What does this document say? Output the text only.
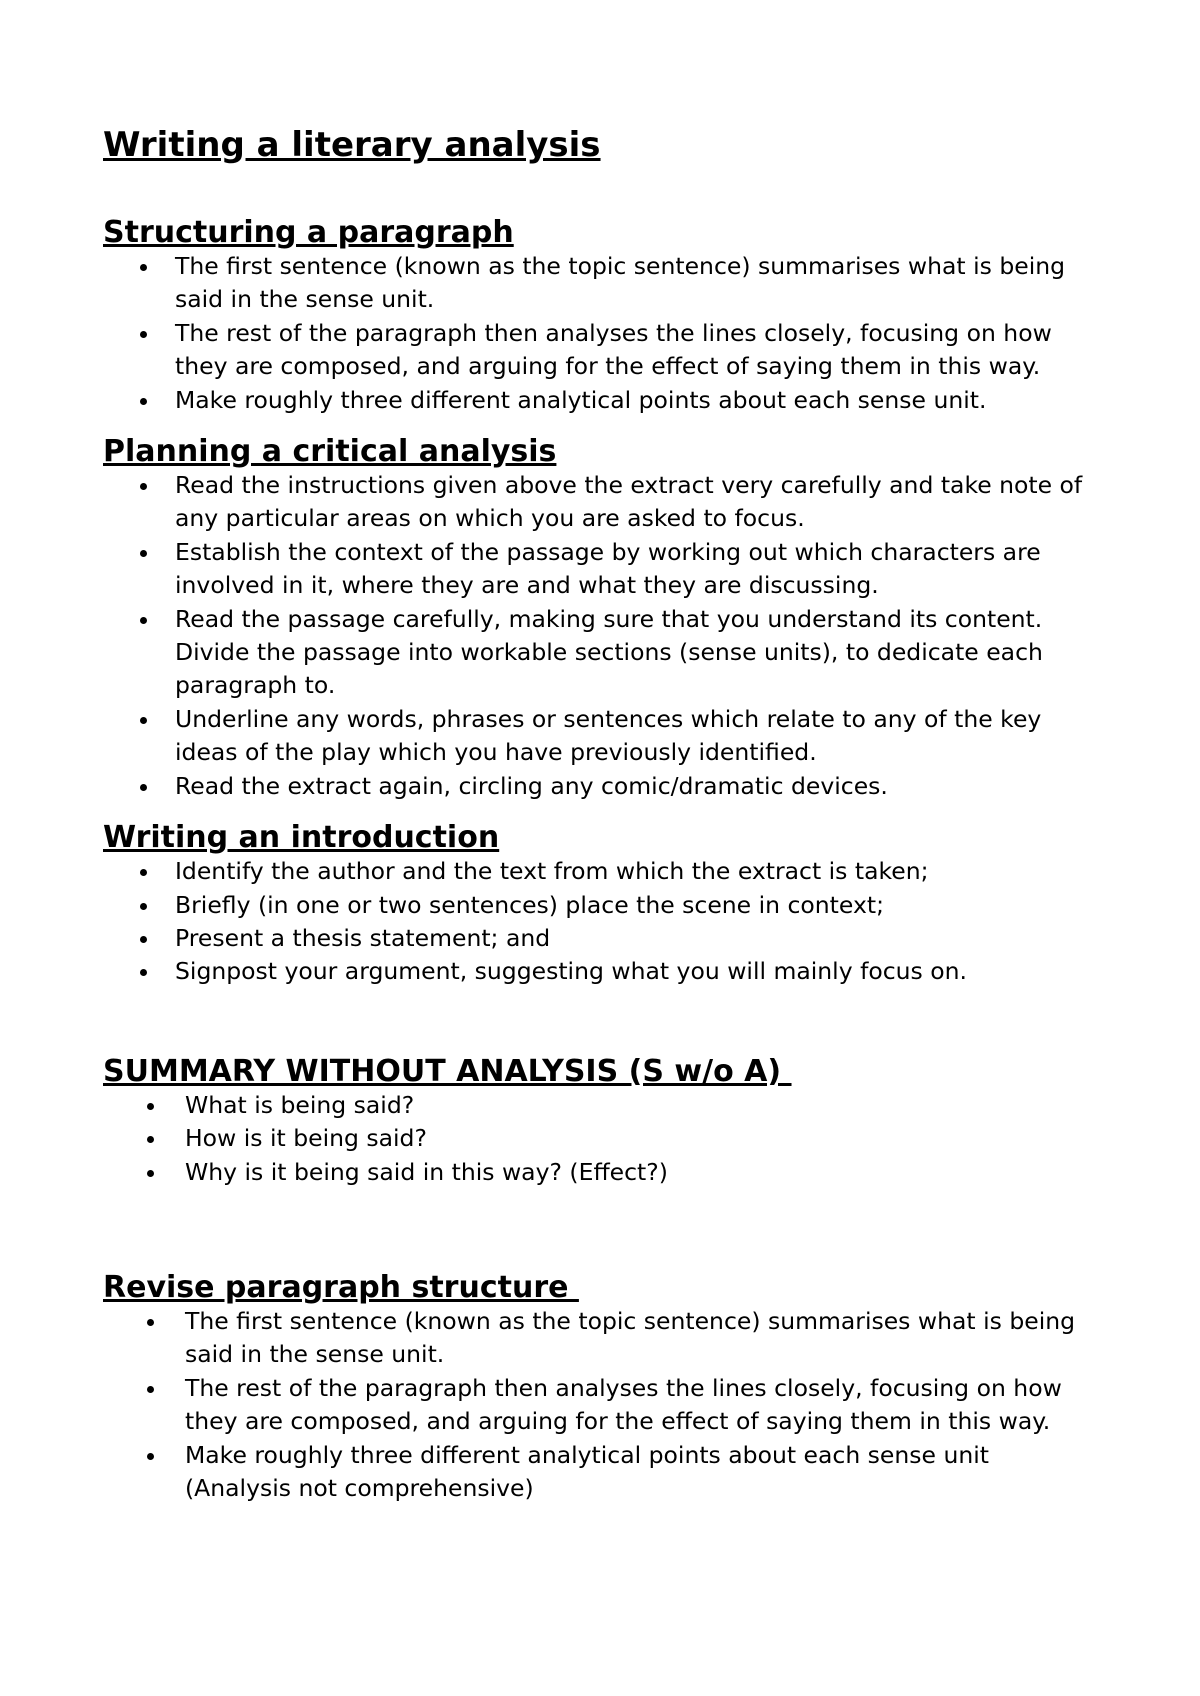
Writing a literary analysis
Structuring a paragraph
The first sentence (known as the topic sentence) summarises what is being said in the sense unit.
The rest of the paragraph then analyses the lines closely, focusing on how they are composed, and arguing for the effect of saying them in this way.
Make roughly three different analytical points about each sense unit.
Planning a critical analysis
Read the instructions given above the extract very carefully and take note of any particular areas on which you are asked to focus.
Establish the context of the passage by working out which characters are involved in it, where they are and what they are discussing.
Read the passage carefully, making sure that you understand its content. Divide the passage into workable sections (sense units), to dedicate each paragraph to.
Underline any words, phrases or sentences which relate to any of the key ideas of the play which you have previously identified.
Read the extract again, circling any comic/dramatic devices.
Writing an introduction
Identify the author and the text from which the extract is taken;
Briefly (in one or two sentences) place the scene in context;
Present a thesis statement; and
Signpost your argument, suggesting what you will mainly focus on.
SUMMARY WITHOUT ANALYSIS (S w/o A)
What is being said?
How is it being said?
Why is it being said in this way? (Effect?)
Revise paragraph structure
The first sentence (known as the topic sentence) summarises what is being said in the sense unit.
The rest of the paragraph then analyses the lines closely, focusing on how they are composed, and arguing for the effect of saying them in this way.
Make roughly three different analytical points about each sense unit (Analysis not comprehensive)
